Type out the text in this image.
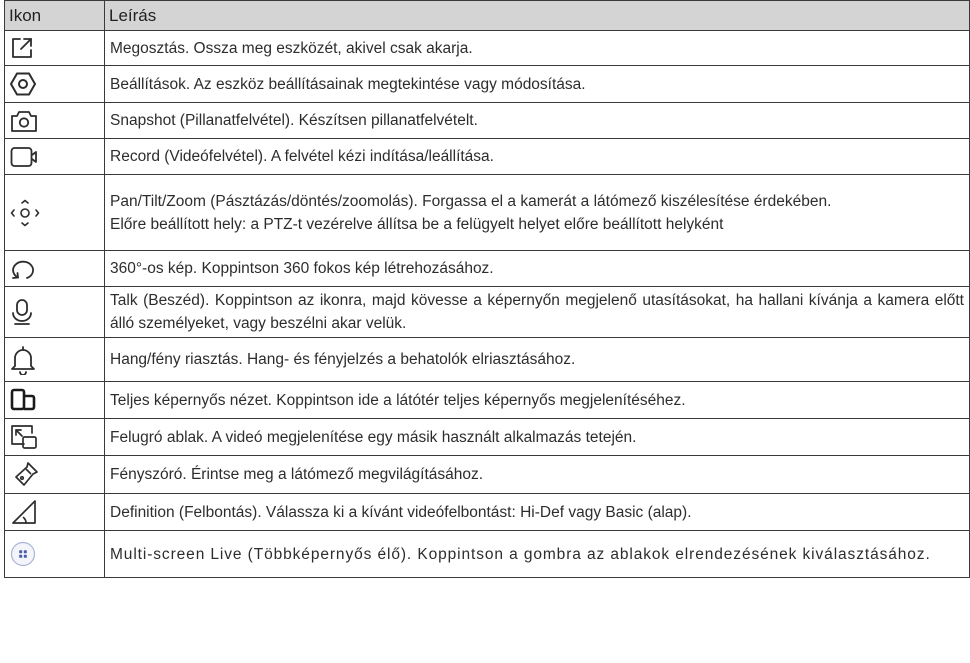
Ikon	Leírás

	Megosztás. Ossza meg eszközét, akivel csak akarja.

	Beállítások. Az eszköz beállításainak megtekintése vagy módosítása.

	Snapshot (Pillanatfelvétel). Készítsen pillanatfelvételt.

	Record (Videófelvétel). A felvétel kézi indítása/leállítása.

	Pan/Tilt/Zoom (Pásztázás/döntés/zoomolás). Forgassa el a kamerát a látómező kiszélesítése érdekében.
Előre beállított hely: a PTZ-t vezérelve állítsa be a felügyelt helyet előre beállított helyként

	360°-os kép. Koppintson 360 fokos kép létrehozásához.

	Talk (Beszéd). Koppintson az ikonra, majd kövesse a képernyőn megjelenő utasításokat, ha hallani kívánja a kamera előtt álló személyeket, vagy beszélni akar velük.

	Hang/fény riasztás. Hang- és fényjelzés a behatolók elriasztásához.

	Teljes képernyős nézet. Koppintson ide a látótér teljes képernyős megjelenítéséhez.

	Felugró ablak. A videó megjelenítése egy másik használt alkalmazás tetején.

	Fényszóró. Érintse meg a látómező megvilágításához.

	Definition (Felbontás). Válassza ki a kívánt videófelbontást: Hi-Def vagy Basic (alap).

	Multi-screen Live (Többképernyős élő). Koppintson a gombra az ablakok elrendezésének kiválasztásához.
